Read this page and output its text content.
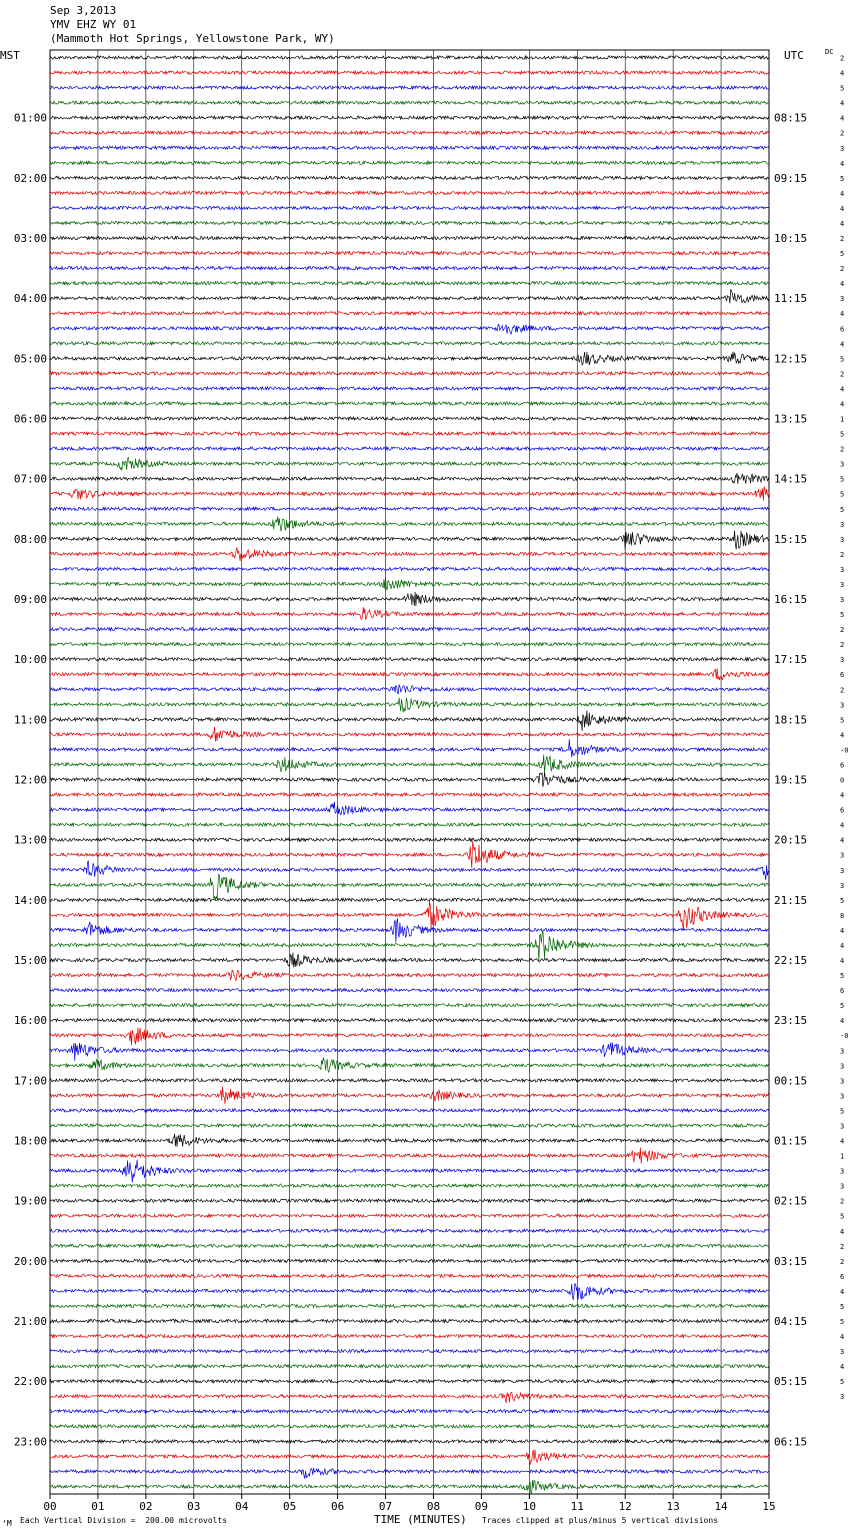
Sep 3,2013
YMV EHZ WY 01
(Mammoth Hot Springs, Yellowstone Park, WY)
MST	UTC	DC
00	01	02	03	04	05	06	07	08	09	10	11	12	13	14	15
2
4
5
4
4
01:00	08:15
2
3
4
5
02:00	09:15
4
4
4
2
03:00	10:15
5
2
4
3
04:00	11:15
4
6
4
5
05:00	12:15
2
4
4
1
06:00	13:15
5
2
3
5
07:00	14:15
5
5
3
3
08:00	15:15
2
3
3
3
09:00	16:15
5
2
2
3
10:00	17:15
6
2
3
5
11:00	18:15
4
-0
6
0
12:00	19:15
4
6
4
4
13:00	20:15
3
3
3
5
14:00	21:15
8
4
4
4
15:00	22:15
5
6
5
4
16:00	23:15
-0
3
3
3
17:00	00:15
3
5
3
4
18:00	01:15
1
3
3
2
19:00	02:15
5
4
2
2
20:00	03:15
6
4
5
5
21:00	04:15
4
3
4
5
22:00	05:15
3
23:00	06:15
‘M Each Vertical Division =  200.00 microvolts	TIME (MINUTES) Traces clipped at plus/minus 5 vertical divisions
